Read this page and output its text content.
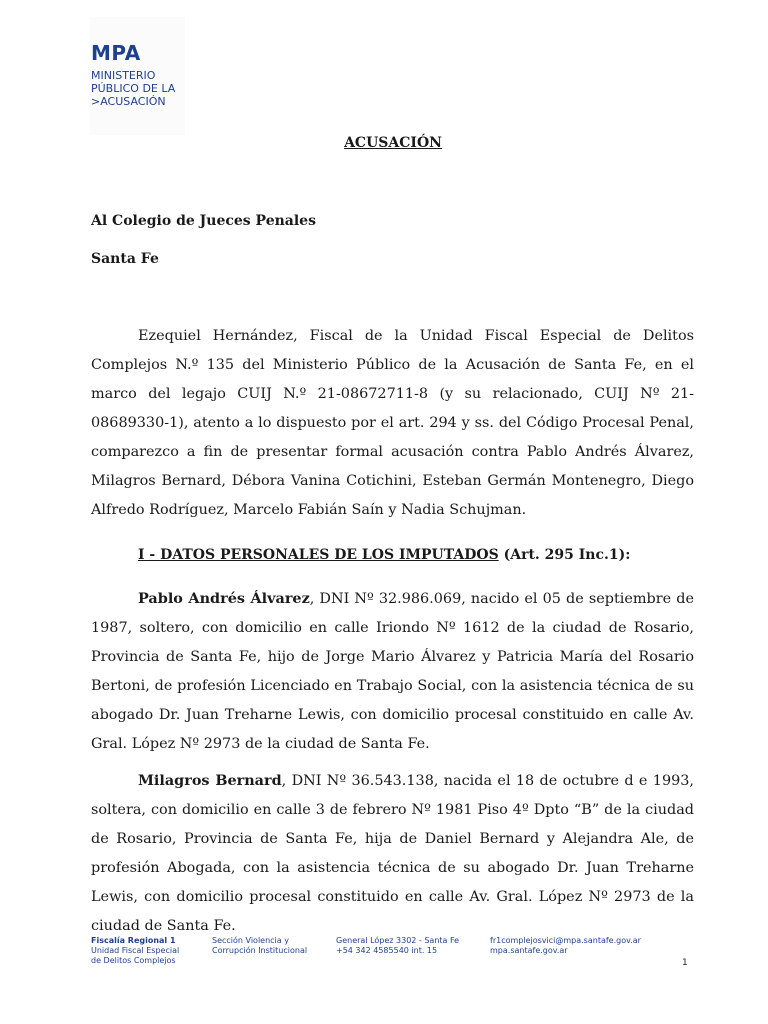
MPA
MINISTERIO
PÚBLICO DE LA
>ACUSACIÓN
ACUSACIÓN
Al Colegio de Jueces Penales
Santa Fe
Ezequiel Hernández, Fiscal de la Unidad Fiscal Especial de Delitos Complejos N.º 135 del Ministerio Público de la Acusación de Santa Fe, en el marco del legajo CUIJ N.º 21-08672711-8 (y su relacionado, CUIJ Nº 21-08689330-1), atento a lo dispuesto por el art. 294 y ss. del Código Procesal Penal, comparezco a fin de presentar formal acusación contra Pablo Andrés Álvarez, Milagros Bernard, Débora Vanina Cotichini, Esteban Germán Montenegro, Diego Alfredo Rodríguez, Marcelo Fabián Saín y Nadia Schujman.
I - DATOS PERSONALES DE LOS IMPUTADOS (Art. 295 Inc.1):
Pablo Andrés Álvarez, DNI Nº 32.986.069, nacido el 05 de septiembre de 1987, soltero, con domicilio en calle Iriondo Nº 1612 de la ciudad de Rosario, Provincia de Santa Fe, hijo de Jorge Mario Álvarez y Patricia María del Rosario Bertoni, de profesión Licenciado en Trabajo Social, con la asistencia técnica de su abogado Dr. Juan Treharne Lewis, con domicilio procesal constituido en calle Av. Gral. López Nº 2973 de la ciudad de Santa Fe.
Milagros Bernard, DNI Nº 36.543.138, nacida el 18 de octubre d e 1993, soltera, con domicilio en calle 3 de febrero Nº 1981 Piso 4º Dpto “B” de la ciudad de Rosario, Provincia de Santa Fe, hija de Daniel Bernard y Alejandra Ale, de profesión Abogada, con la asistencia técnica de su abogado Dr. Juan Treharne Lewis, con domicilio procesal constituido en calle Av. Gral. López Nº 2973 de la ciudad de Santa Fe.
Fiscalía Regional 1
Unidad Fiscal Especial
de Delitos Complejos
Sección Violencia y
Corrupción Institucional
General López 3302 - Santa Fe
+54 342 4585540 int. 15
fr1complejosvici@mpa.santafe.gov.ar
mpa.santafe.gov.ar
1
